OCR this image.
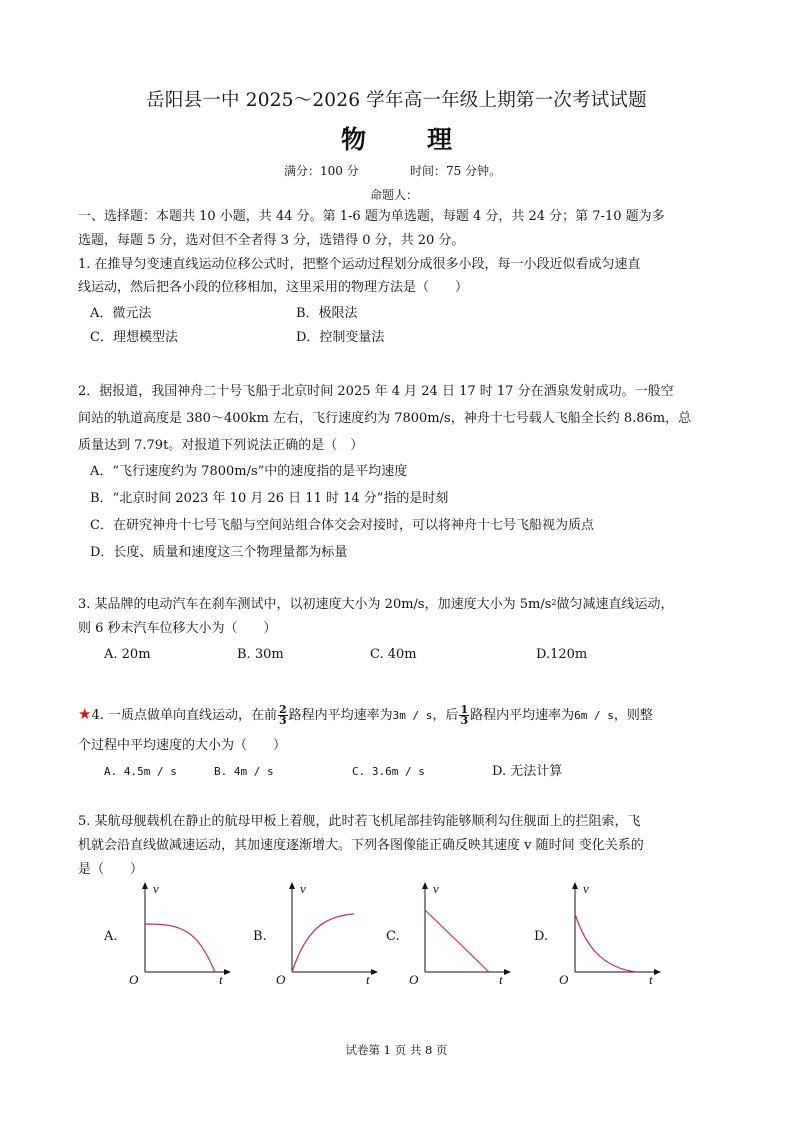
岳阳县一中 2025～2026 学年高一年级上期第一次考试试题
物　理
满分：100 分	时间：75 分钟。
命题人：
一、选择题：本题共 10 小题，共 44 分。第 1-6 题为单选题，每题 4 分，共 24 分；第 7-10 题为多
选题，每题 5 分，选对但不全者得 3 分，选错得 0 分，共 20 分。
1. 在推导匀变速直线运动位移公式时，把整个运动过程划分成很多小段，每一小段近似看成匀速直
线运动，然后把各小段的位移相加，这里采用的物理方法是（　　）
A．微元法	B．极限法
C．理想模型法	D．控制变量法
2．据报道，我国神舟二十号飞船于北京时间 2025 年 4 月 24 日 17 时 17 分在酒泉发射成功。一般空
间站的轨道高度是 380～400km 左右，飞行速度约为 7800m/s，神舟十七号载人飞船全长约 8.86m，总
质量达到 7.79t。对报道下列说法正确的是（　）
A．“飞行速度约为 7800m/s”中的速度指的是平均速度
B．“北京时间 2023 年 10 月 26 日 11 时 14 分”指的是时刻
C．在研究神舟十七号飞船与空间站组合体交会对接时，可以将神舟十七号飞船视为质点
D．长度、质量和速度这三个物理量都为标量
3. 某品牌的电动汽车在刹车测试中，以初速度大小为 20m/s，加速度大小为 $5m/s^2$做匀减速直线运动，
则 6 秒末汽车位移大小为（　　）
A. 20m	B. 30m	C. 40m	D.120m
★4. 一质点做单向直线运动，在前 $\frac{2}{3}$ 路程内平均速率为3m / s，后 $\frac{1}{3}$ 路程内平均速率为6m / s，则整
个过程中平均速度的大小为（　　）
A. 4.5m / s	B. 4m / s	C. 3.6m / s	D. 无法计算
5. 某航母舰载机在静止的航母甲板上着舰，此时若飞机尾部挂钩能够顺利勾住舰面上的拦阻索，飞
机就会沿直线做减速运动，其加速度逐渐增大。下列各图像能正确反映其速度 v 随时间 变化关系的
是（　　）
A.	B.	C.	D.
v
O	t
v
O	t
v
O	t
v
O	t
试卷第 1 页 共 8 页
